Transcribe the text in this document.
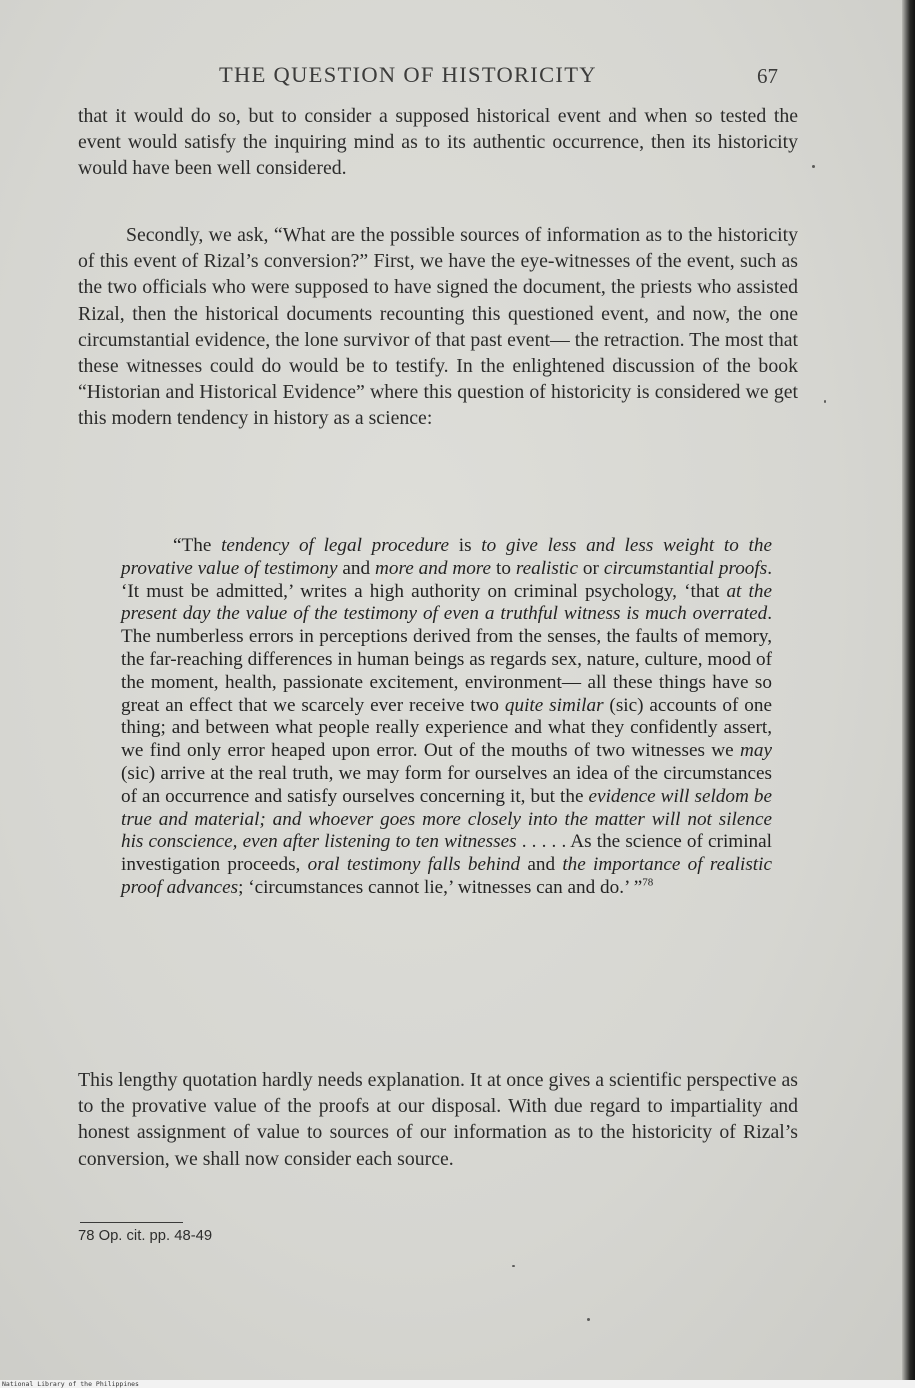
THE QUESTION OF HISTORICITY	67

that it would do so, but to consider a supposed historical event and when so tested the event would satisfy the inquiring mind as to its authentic occurrence, then its historicity would have been well considered.

Secondly, we ask, “What are the possible sources of information as to the historicity of this event of Rizal’s conversion?” First, we have the eye-witnesses of the event, such as the two officials who were supposed to have signed the document, the priests who assisted Rizal, then the historical documents recounting this questioned event, and now, the one circumstantial evidence, the lone survivor of that past event— the retraction. The most that these witnesses could do would be to testify. In the enlightened discussion of the book “Historian and Historical Evidence” where this question of historicity is considered we get this modern tendency in history as a science:

“The tendency of legal procedure is to give less and less weight to the provative value of testimony and more and more to realistic or circumstantial proofs. ‘It must be admitted,’ writes a high authority on criminal psychology, ‘that at the present day the value of the testimony of even a truthful witness is much overrated. The numberless errors in perceptions derived from the senses, the faults of memory, the far-reaching differences in human beings as regards sex, nature, culture, mood of the moment, health, passionate excitement, environment— all these things have so great an effect that we scarcely ever receive two quite similar (sic) accounts of one thing; and between what people really experience and what they confidently assert, we find only error heaped upon error. Out of the mouths of two witnesses we may (sic) arrive at the real truth, we may form for ourselves an idea of the circumstances of an occurrence and satisfy ourselves concerning it, but the evidence will seldom be true and material; and whoever goes more closely into the matter will not silence his conscience, even after listening to ten witnesses . . . . . As the science of criminal investigation proceeds, oral testimony falls behind and the importance of realistic proof advances; ‘circumstances cannot lie,’ witnesses can and do.’ ”$^{78}$

This lengthy quotation hardly needs explanation. It at once gives a scientific perspective as to the provative value of the proofs at our disposal. With due regard to impartiality and honest assignment of value to sources of our information as to the historicity of Rizal’s conversion, we shall now consider each source.

78 Op. cit. pp. 48-49

National Library of the Philippines
